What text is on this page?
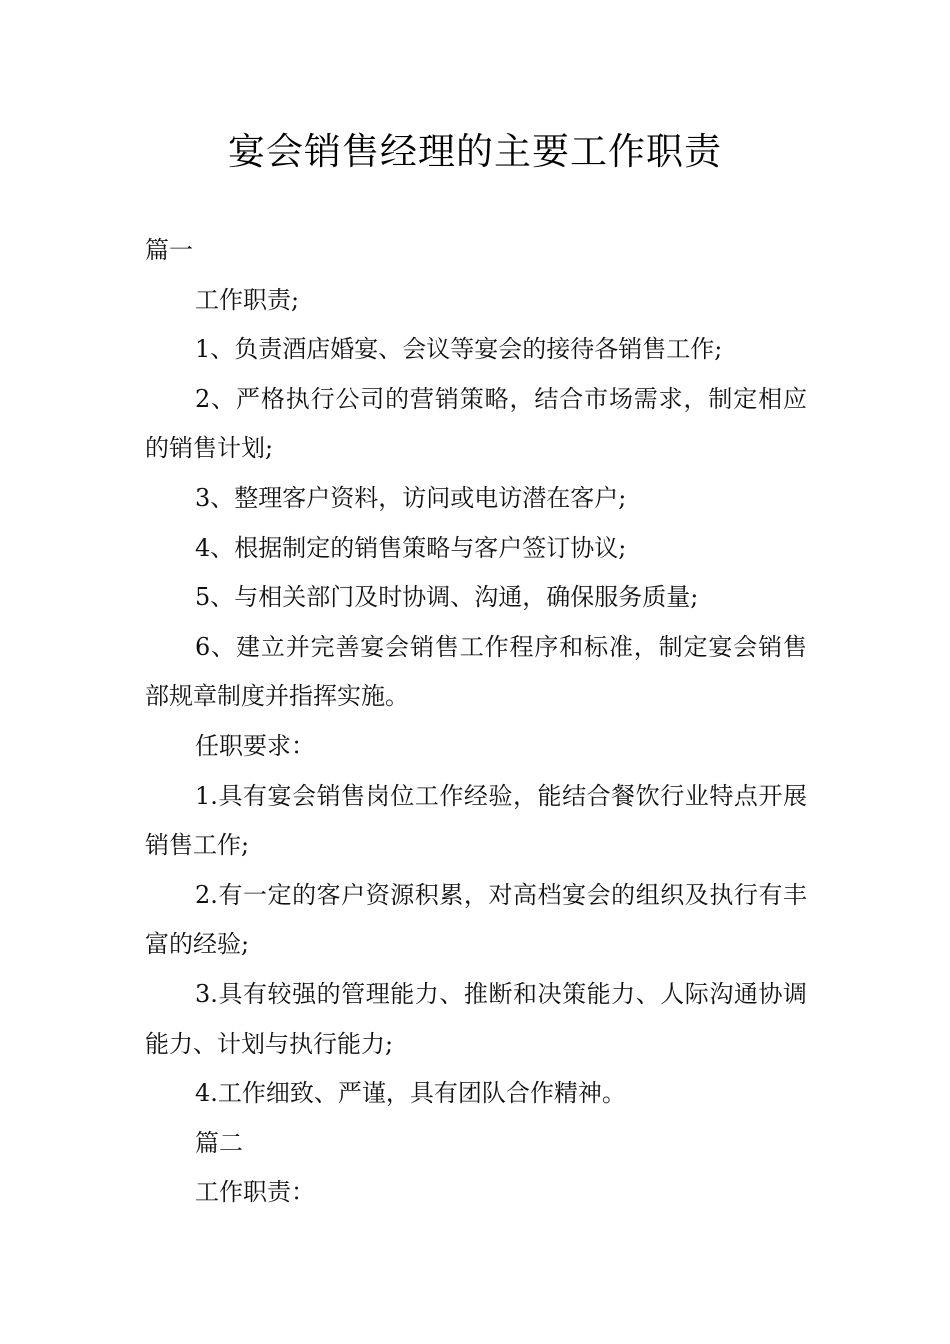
宴会销售经理的主要工作职责

篇一

工作职责;

1、负责酒店婚宴、会议等宴会的接待各销售工作;

2、严格执行公司的营销策略，结合市场需求，制定相应的销售计划;

3、整理客户资料，访问或电访潜在客户;

4、根据制定的销售策略与客户签订协议;

5、与相关部门及时协调、沟通，确保服务质量;

6、建立并完善宴会销售工作程序和标准，制定宴会销售部规章制度并指挥实施。

任职要求：

1.具有宴会销售岗位工作经验，能结合餐饮行业特点开展销售工作;

2.有一定的客户资源积累，对高档宴会的组织及执行有丰富的经验;

3.具有较强的管理能力、推断和决策能力、人际沟通协调能力、计划与执行能力;

4.工作细致、严谨，具有团队合作精神。

篇二

工作职责：
